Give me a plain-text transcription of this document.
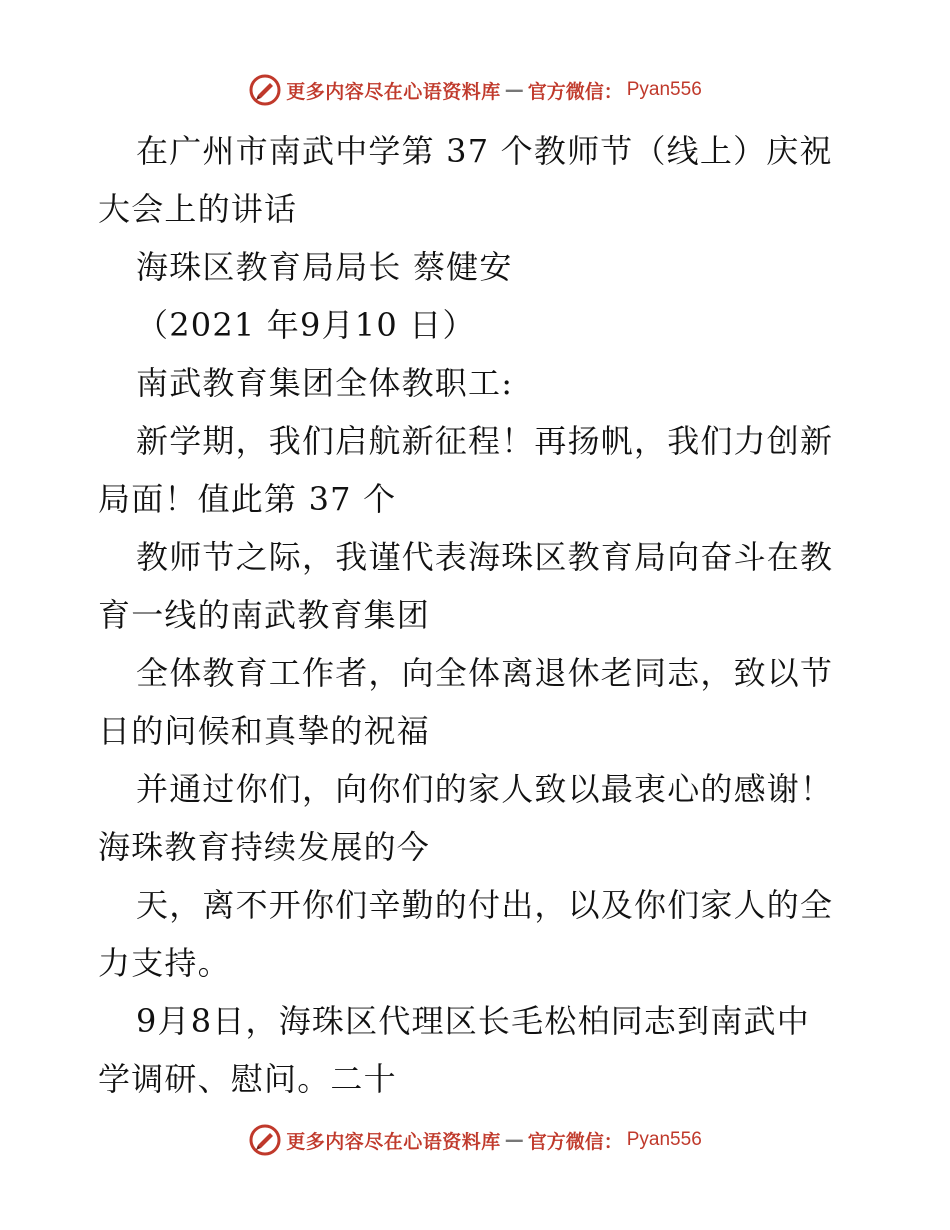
更多内容尽在心语资料库 — 官方微信： Pyan556
在广州市南武中学第 37 个教师节（线上）庆祝
大会上的讲话
海珠区教育局局长 蔡健安
（2021 年9月10 日）
南武教育集团全体教职工:
新学期，我们启航新征程！再扬帆，我们力创新
局面！值此第 37 个
教师节之际，我谨代表海珠区教育局向奋斗在教
育一线的南武教育集团
全体教育工作者，向全体离退休老同志，致以节
日的问候和真挚的祝福
并通过你们，向你们的家人致以最衷心的感谢！
海珠教育持续发展的今
天，离不开你们辛勤的付出，以及你们家人的全
力支持。
9月8日，海珠区代理区长毛松柏同志到南武中
学调研、慰问。二十
更多内容尽在心语资料库 — 官方微信： Pyan556
